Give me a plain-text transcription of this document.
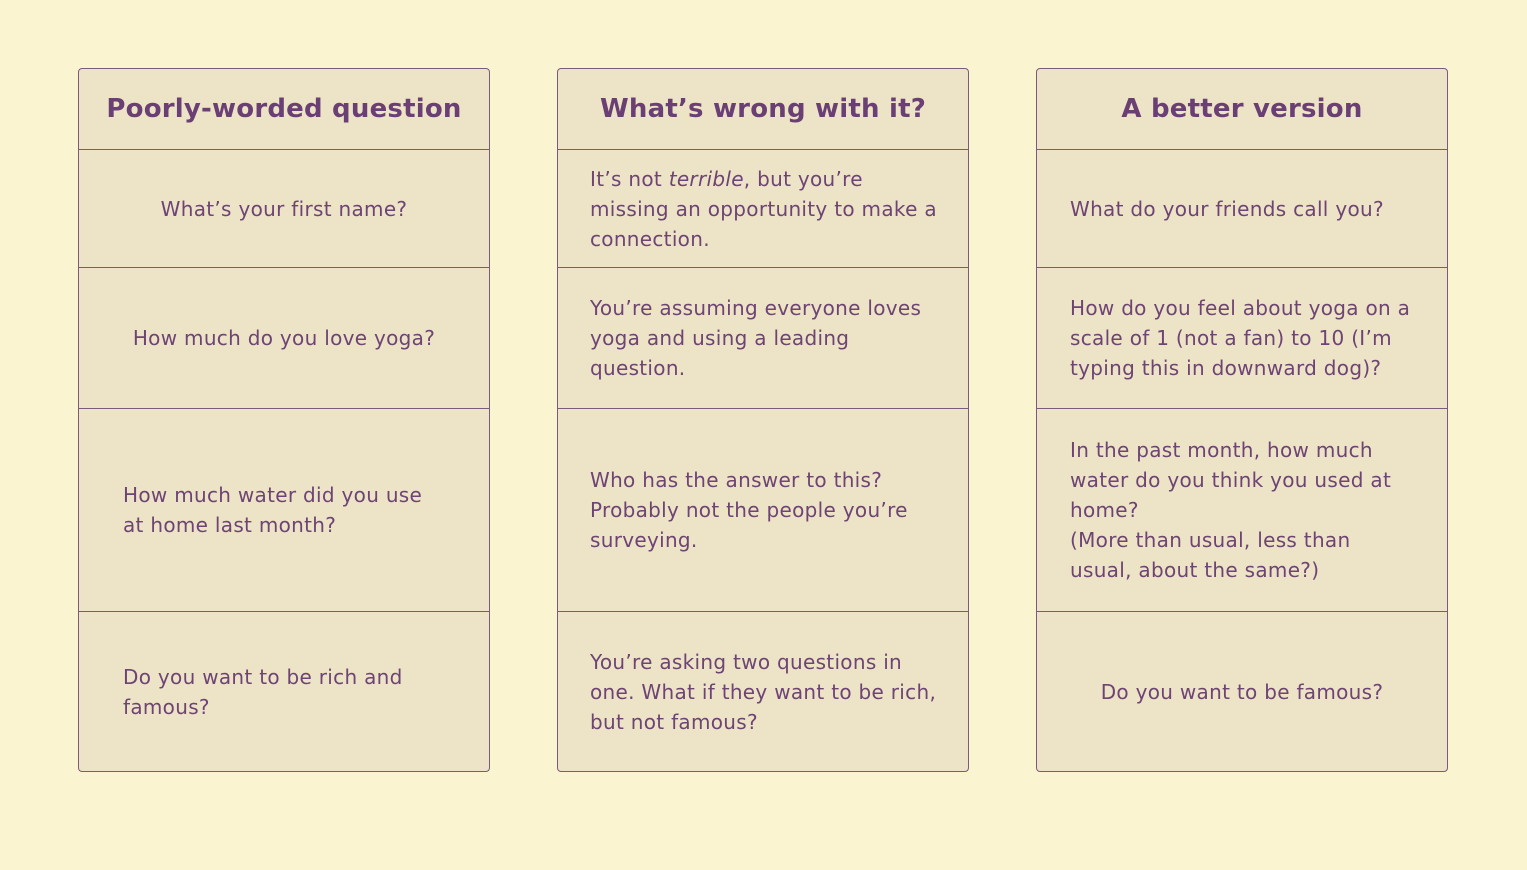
Poorly-worded question
What’s your first name?
How much do you love yoga?
How much water did you use at home last month?
Do you want to be rich and famous?
What’s wrong with it?
It’s not terrible, but you’re missing an opportunity to make a connection.
You’re assuming everyone loves yoga and using a leading question.
Who has the answer to this? Probably not the people you’re surveying.
You’re asking two questions in one. What if they want to be rich, but not famous?
A better version
What do your friends call you?
How do you feel about yoga on a scale of 1 (not a fan) to 10 (I’m typing this in downward dog)?
In the past month, how much water do you think you used at home?
(More than usual, less than usual, about the same?)
Do you want to be famous?
